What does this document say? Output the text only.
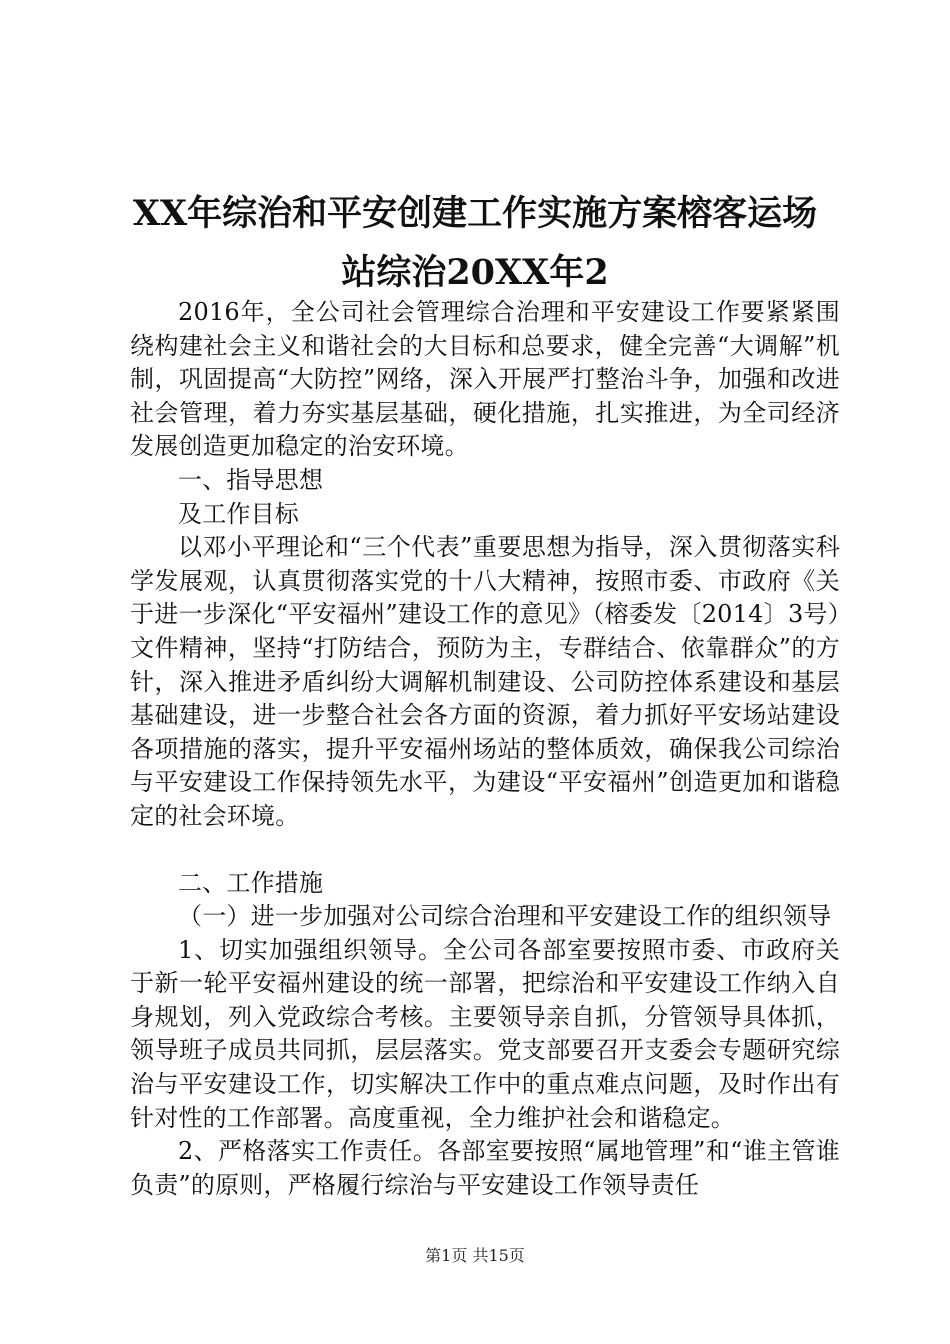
XX年综治和平安创建工作实施方案榕客运场
站综治20XX年2

2016年，全公司社会管理综合治理和平安建设工作要紧紧围绕构建社会主义和谐社会的大目标和总要求，健全完善“大调解”机制，巩固提高“大防控”网络，深入开展严打整治斗争，加强和改进社会管理，着力夯实基层基础，硬化措施，扎实推进，为全司经济发展创造更加稳定的治安环境。

一、指导思想

及工作目标

以邓小平理论和“三个代表”重要思想为指导，深入贯彻落实科学发展观，认真贯彻落实党的十八大精神，按照市委、市政府《关于进一步深化“平安福州”建设工作的意见》（榕委发〔2014〕3号）文件精神，坚持“打防结合，预防为主，专群结合、依靠群众”的方针，深入推进矛盾纠纷大调解机制建设、公司防控体系建设和基层基础建设，进一步整合社会各方面的资源，着力抓好平安场站建设各项措施的落实，提升平安福州场站的整体质效，确保我公司综治与平安建设工作保持领先水平，为建设“平安福州”创造更加和谐稳定的社会环境。

二、工作措施

（一）进一步加强对公司综合治理和平安建设工作的组织领导

1、切实加强组织领导。全公司各部室要按照市委、市政府关于新一轮平安福州建设的统一部署，把综治和平安建设工作纳入自身规划，列入党政综合考核。主要领导亲自抓，分管领导具体抓，领导班子成员共同抓，层层落实。党支部要召开支委会专题研究综治与平安建设工作，切实解决工作中的重点难点问题，及时作出有针对性的工作部署。高度重视，全力维护社会和谐稳定。

2、严格落实工作责任。各部室要按照“属地管理”和“谁主管谁负责”的原则，严格履行综治与平安建设工作领导责任

第1页 共15页
